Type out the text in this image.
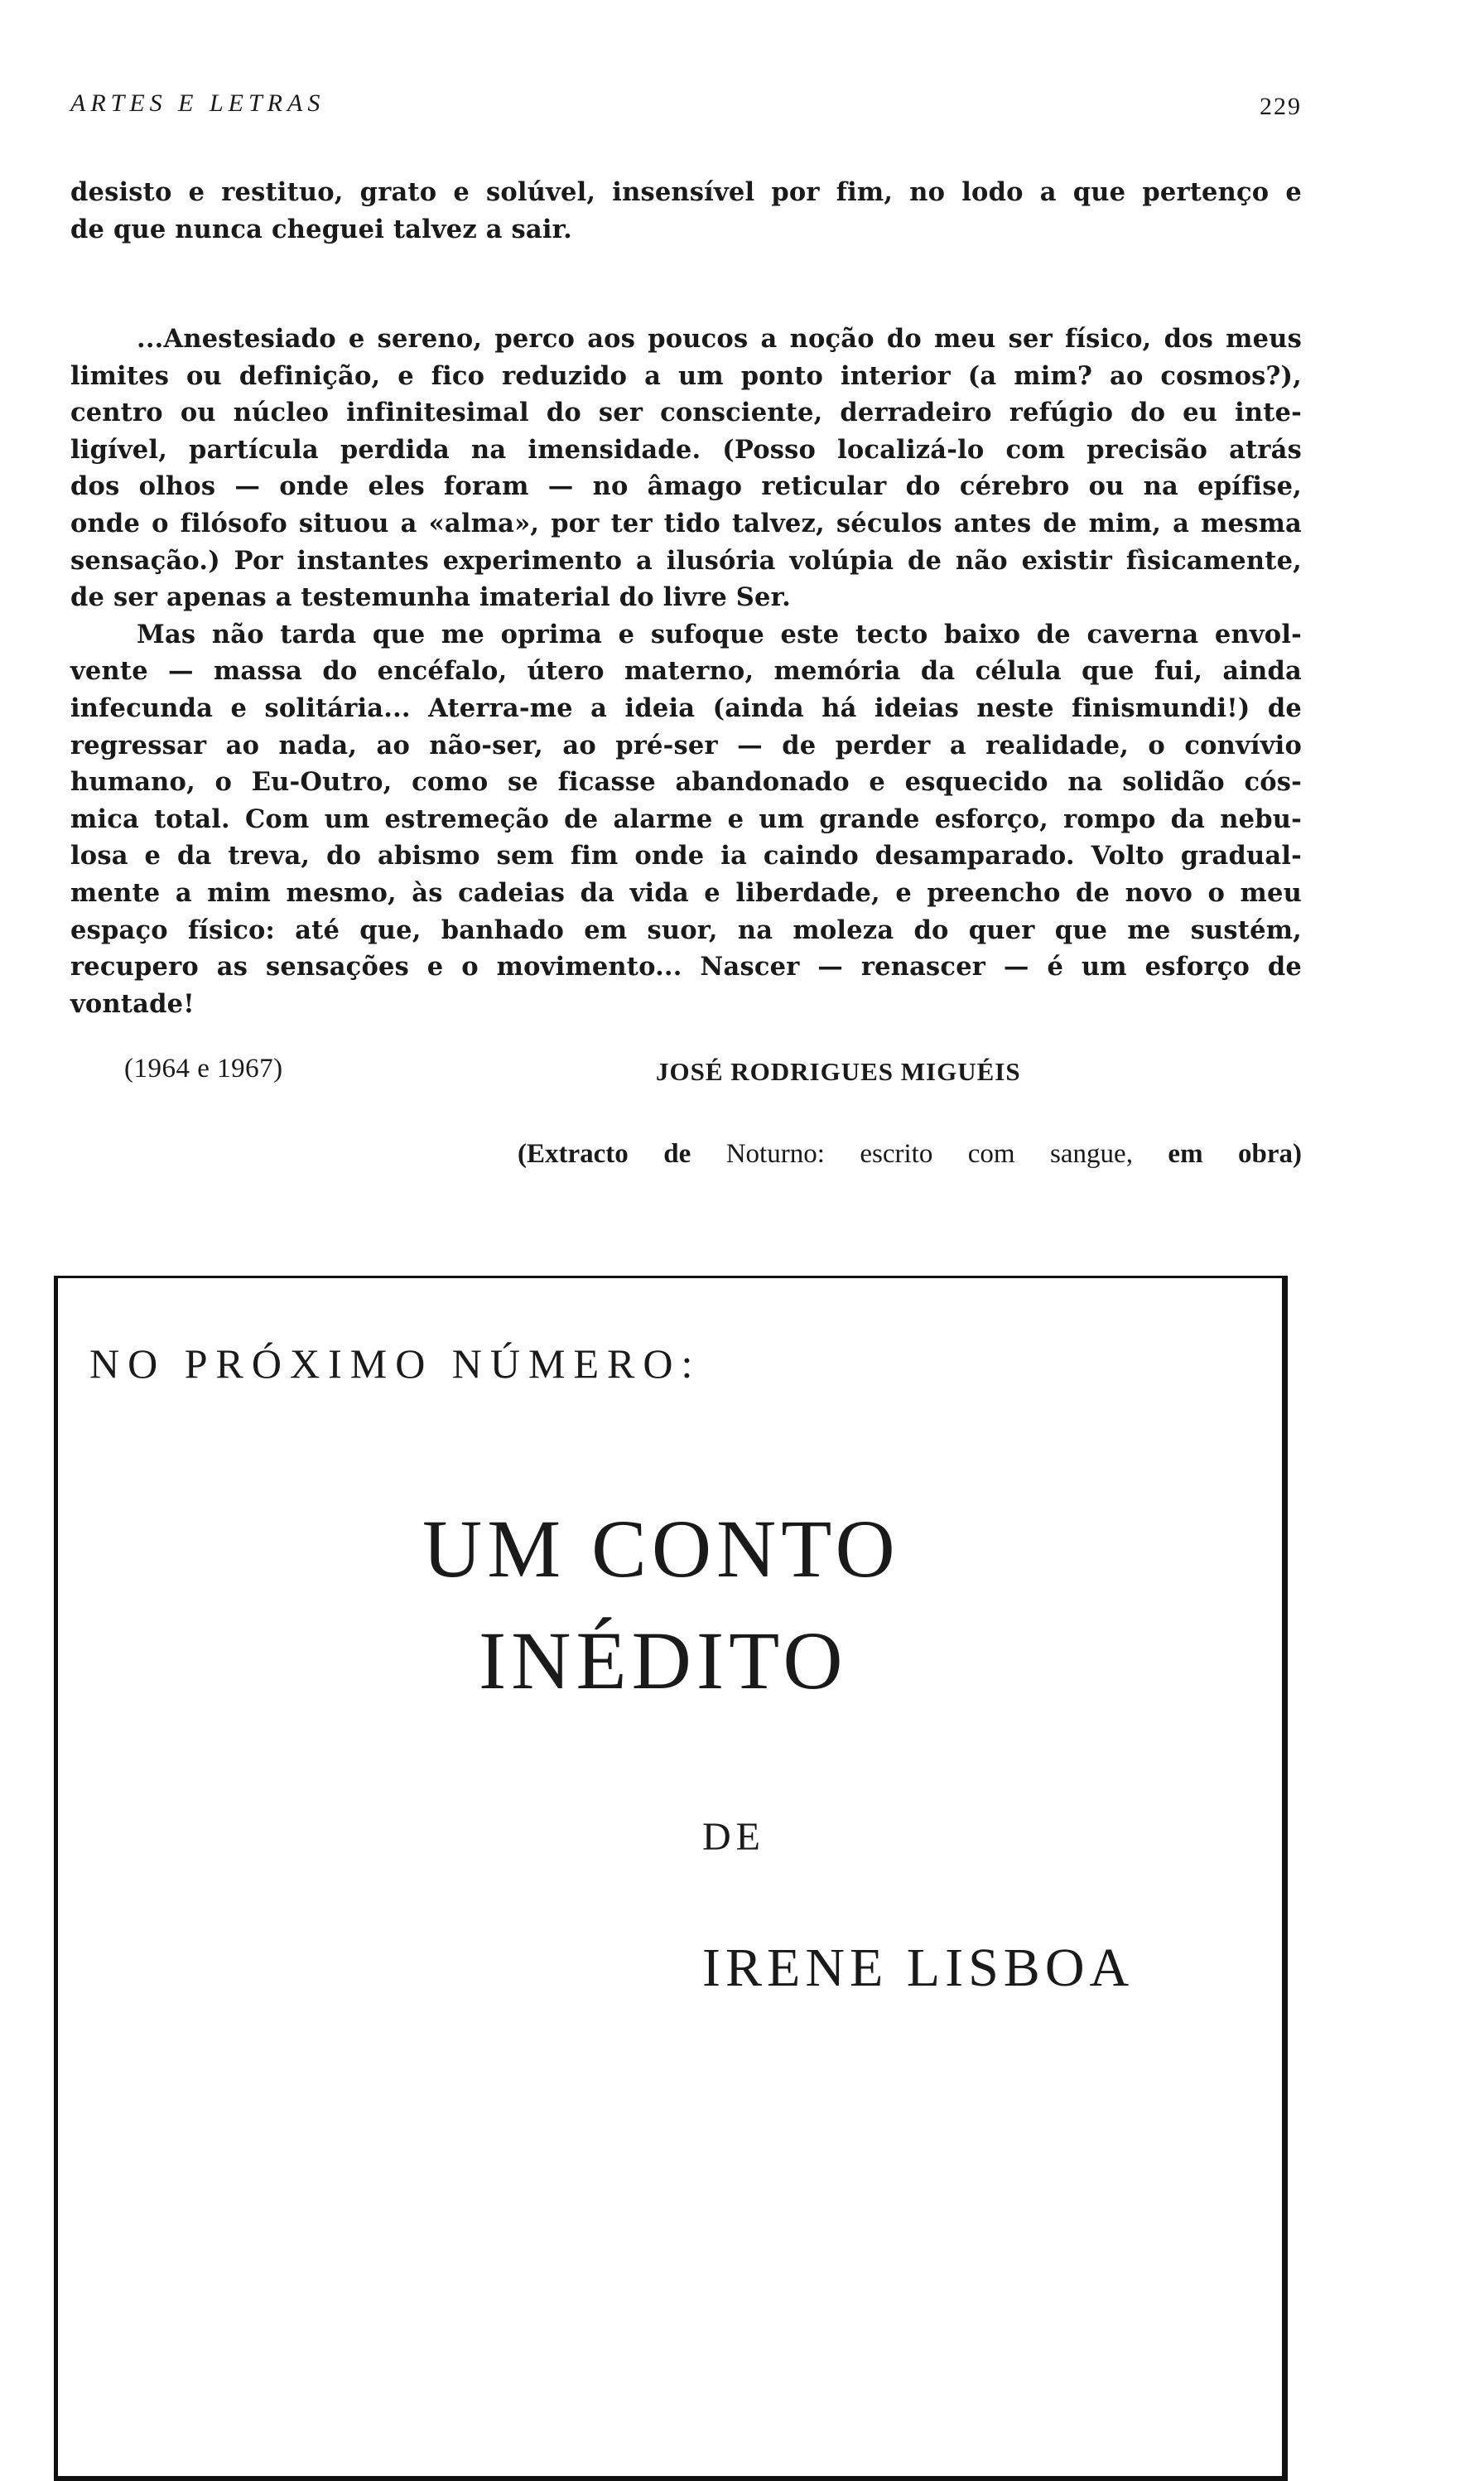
ARTES E LETRAS	229
desisto e restituo, grato e solúvel, insensível por fim, no lodo a que pertenço e
de que nunca cheguei talvez a sair.
...Anestesiado e sereno, perco aos poucos a noção do meu ser físico, dos meus
limites ou definição, e fico reduzido a um ponto interior (a mim? ao cosmos?),
centro ou núcleo infinitesimal do ser consciente, derradeiro refúgio do eu inte-
ligível, partícula perdida na imensidade. (Posso localizá-lo com precisão atrás
dos olhos — onde eles foram — no âmago reticular do cérebro ou na epífise,
onde o filósofo situou a «alma», por ter tido talvez, séculos antes de mim, a mesma
sensação.) Por instantes experimento a ilusória volúpia de não existir fìsicamente,
de ser apenas a testemunha imaterial do livre Ser.
Mas não tarda que me oprima e sufoque este tecto baixo de caverna envol-
vente — massa do encéfalo, útero materno, memória da célula que fui, ainda
infecunda e solitária... Aterra-me a ideia (ainda há ideias neste finismundi!) de
regressar ao nada, ao não-ser, ao pré-ser — de perder a realidade, o convívio
humano, o Eu-Outro, como se ficasse abandonado e esquecido na solidão cós-
mica total. Com um estremeção de alarme e um grande esforço, rompo da nebu-
losa e da treva, do abismo sem fim onde ia caindo desamparado. Volto gradual-
mente a mim mesmo, às cadeias da vida e liberdade, e preencho de novo o meu
espaço físico: até que, banhado em suor, na moleza do quer que me sustém,
recupero as sensações e o movimento... Nascer — renascer — é um esforço de
vontade!
(1964 e 1967)	JOSÉ RODRIGUES MIGUÉIS
(Extracto de Noturno: escrito com sangue, em obra)
NO PRÓXIMO NÚMERO:
UM CONTO
INÉDITO
DE
IRENE LISBOA
